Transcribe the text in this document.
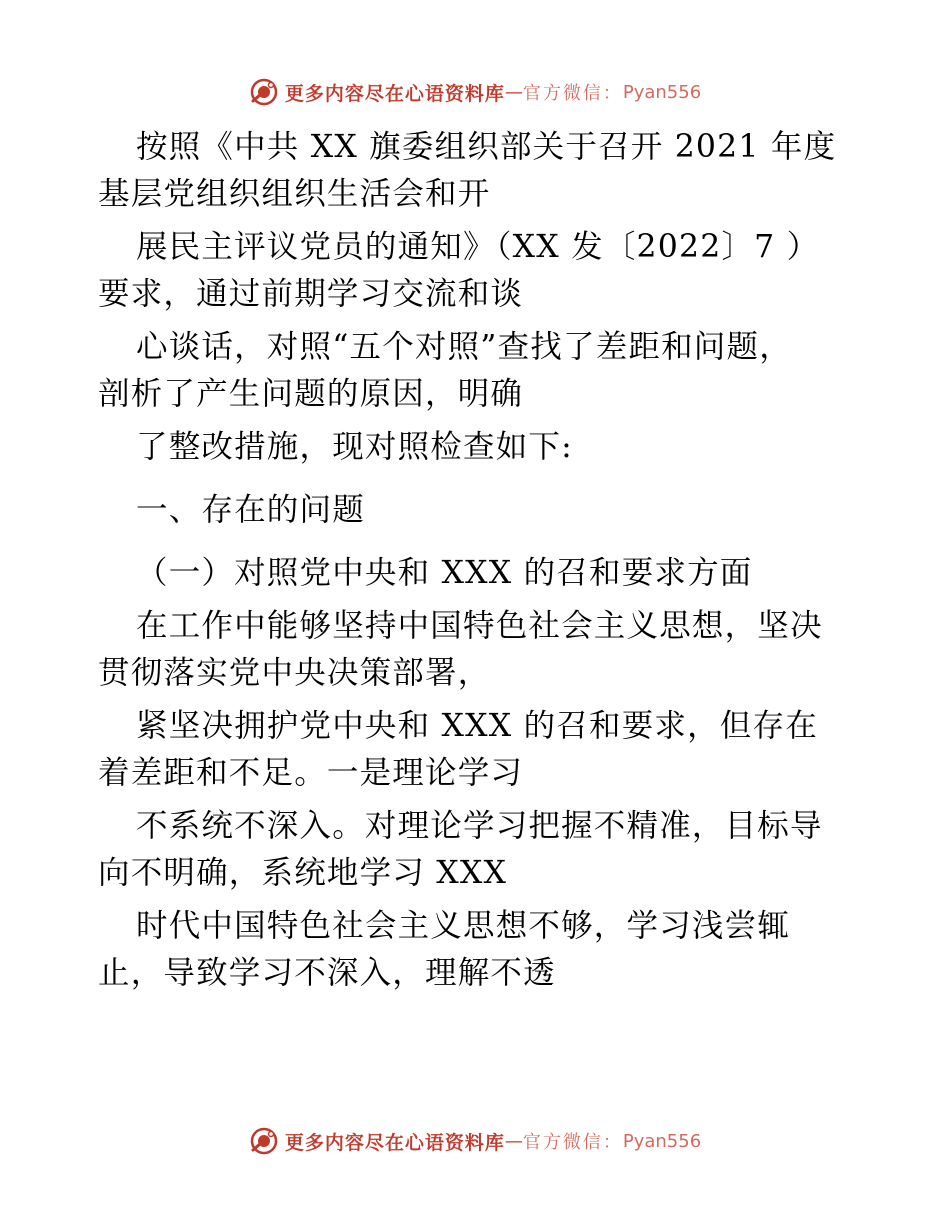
更多内容尽在心语资料库 — 官方微信： Pyan556
按照《中共 XX 旗委组织部关于召开 2021 年度
基层党组织组织生活会和开
展民主评议党员的通知》（XX 发〔2022〕7 ）
要求，通过前期学习交流和谈
心谈话，对照“五个对照”查找了差距和问题，
剖析了产生问题的原因，明确
了整改措施，现对照检查如下:
一、存在的问题
（一）对照党中央和 XXX 的召和要求方面
在工作中能够坚持中国特色社会主义思想，坚决
贯彻落实党中央决策部署，
紧坚决拥护党中央和 XXX 的召和要求，但存在
着差距和不足。一是理论学习
不系统不深入。对理论学习把握不精准，目标导
向不明确，系统地学习 XXX
时代中国特色社会主义思想不够，学习浅尝辄
止，导致学习不深入，理解不透
更多内容尽在心语资料库 — 官方微信： Pyan556
